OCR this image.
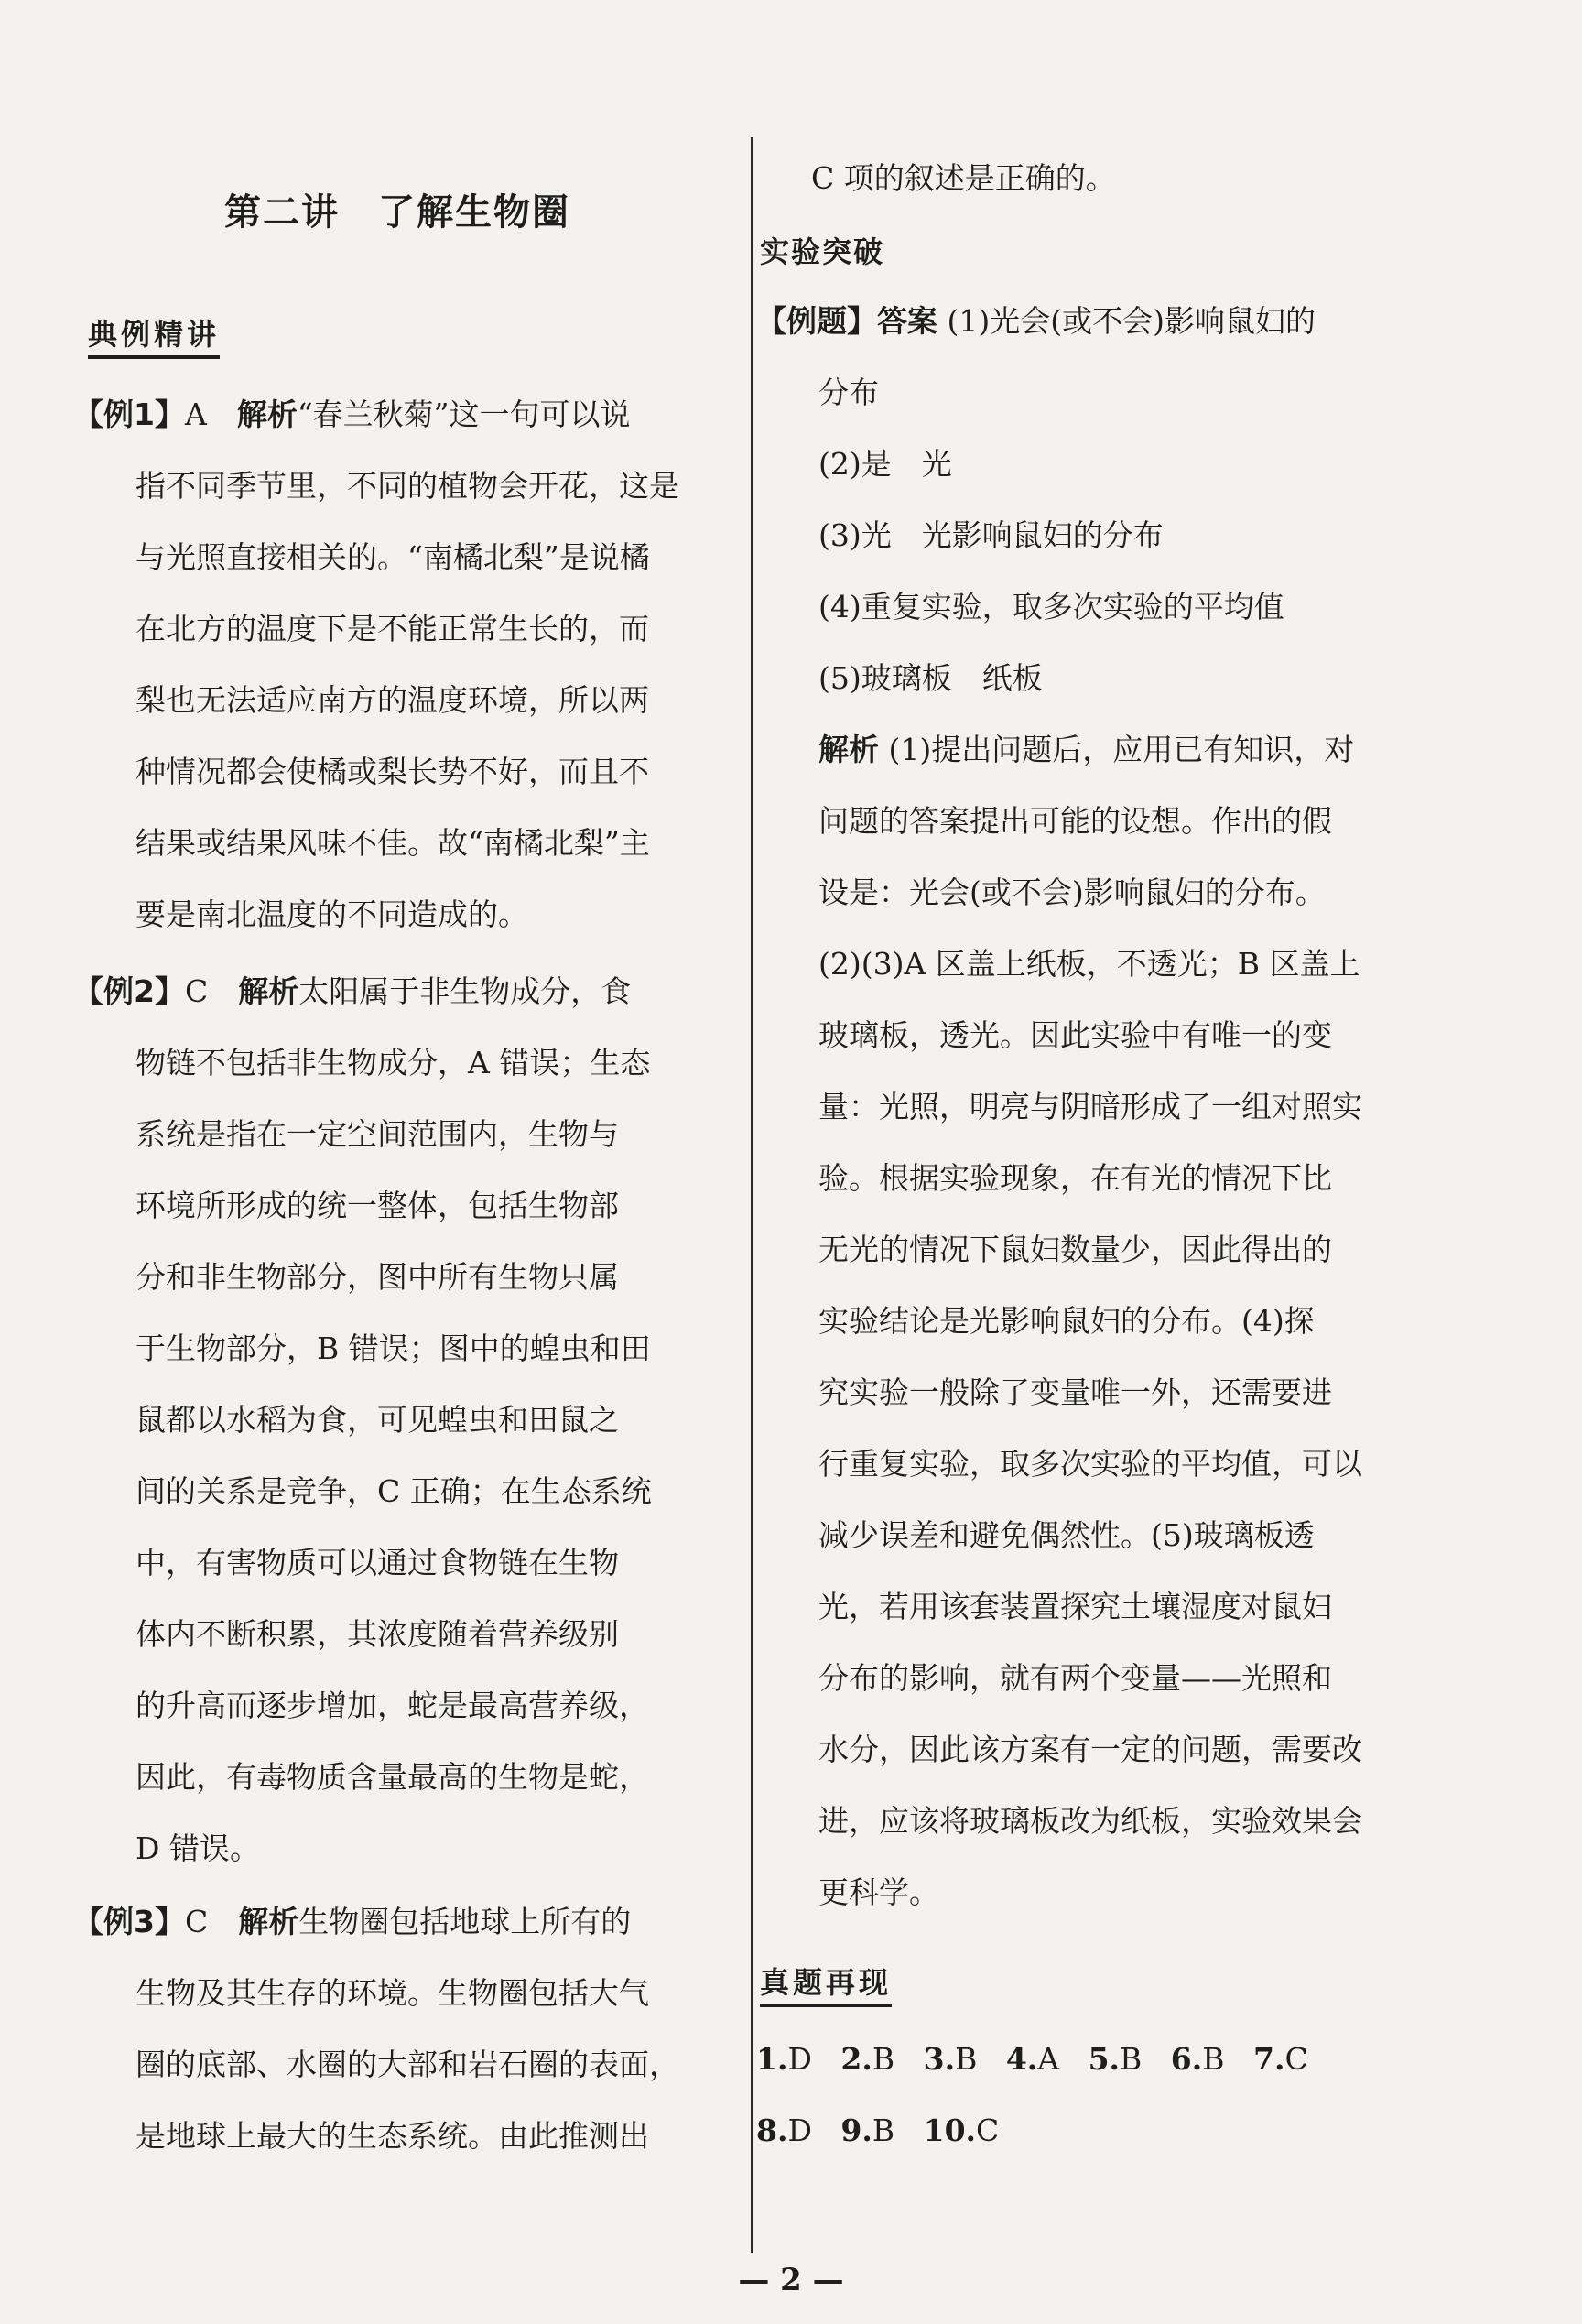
第二讲　了解生物圈
典例精讲
【例1】A　解析“春兰秋菊”这一句可以说
指不同季节里，不同的植物会开花，这是
与光照直接相关的。“南橘北梨”是说橘
在北方的温度下是不能正常生长的，而
梨也无法适应南方的温度环境，所以两
种情况都会使橘或梨长势不好，而且不
结果或结果风味不佳。故“南橘北梨”主
要是南北温度的不同造成的。
【例2】C　解析太阳属于非生物成分，食
物链不包括非生物成分，A 错误；生态
系统是指在一定空间范围内，生物与
环境所形成的统一整体，包括生物部
分和非生物部分，图中所有生物只属
于生物部分，B 错误；图中的蝗虫和田
鼠都以水稻为食，可见蝗虫和田鼠之
间的关系是竞争，C 正确；在生态系统
中，有害物质可以通过食物链在生物
体内不断积累，其浓度随着营养级别
的升高而逐步增加，蛇是最高营养级，
因此，有毒物质含量最高的生物是蛇，
D 错误。
【例3】C　解析生物圈包括地球上所有的
生物及其生存的环境。生物圈包括大气
圈的底部、水圈的大部和岩石圈的表面，
是地球上最大的生态系统。由此推测出
C 项的叙述是正确的。
实验突破
【例题】答案 (1)光会(或不会)影响鼠妇的
分布
(2)是　光
(3)光　光影响鼠妇的分布
(4)重复实验，取多次实验的平均值
(5)玻璃板　纸板
解析 (1)提出问题后，应用已有知识，对
问题的答案提出可能的设想。作出的假
设是：光会(或不会)影响鼠妇的分布。
(2)(3)A 区盖上纸板，不透光；B 区盖上
玻璃板，透光。因此实验中有唯一的变
量：光照，明亮与阴暗形成了一组对照实
验。根据实验现象，在有光的情况下比
无光的情况下鼠妇数量少，因此得出的
实验结论是光影响鼠妇的分布。(4)探
究实验一般除了变量唯一外，还需要进
行重复实验，取多次实验的平均值，可以
减少误差和避免偶然性。(5)玻璃板透
光，若用该套装置探究土壤湿度对鼠妇
分布的影响，就有两个变量——光照和
水分，因此该方案有一定的问题，需要改
进，应该将玻璃板改为纸板，实验效果会
更科学。
真题再现
1.D 2.B 3.B 4.A 5.B 6.B 7.C
8.D 9.B 10.C
— 2 —
